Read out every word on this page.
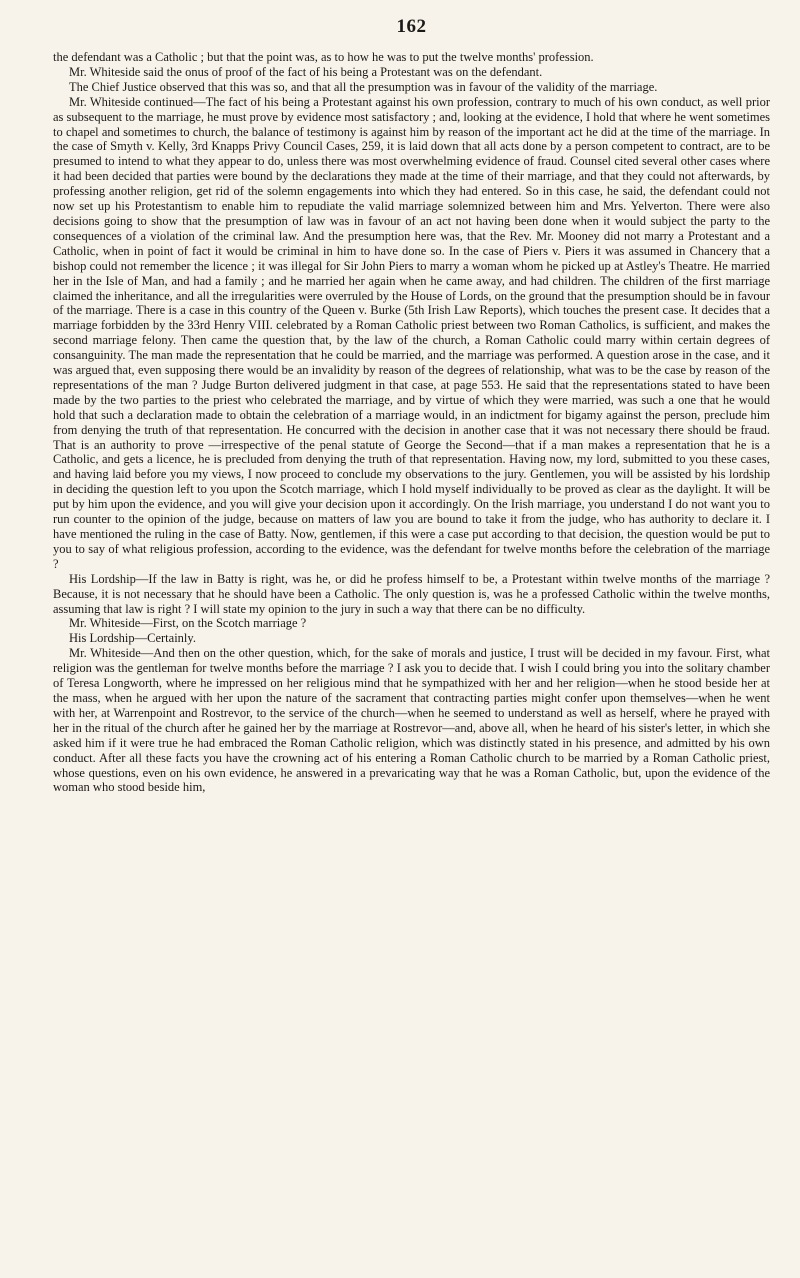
162

the defendant was a Catholic ; but that the point was, as to how he was to put the twelve months' profession.

Mr. Whiteside said the onus of proof of the fact of his being a Protestant was on the defendant.

The Chief Justice observed that this was so, and that all the presumption was in favour of the validity of the marriage.

Mr. Whiteside continued—The fact of his being a Protestant against his own profession, contrary to much of his own conduct, as well prior as subsequent to the marriage, he must prove by evidence most satisfactory ; and, looking at the evidence, I hold that where he went sometimes to chapel and sometimes to church, the balance of testimony is against him by reason of the important act he did at the time of the marriage. In the case of Smyth v. Kelly, 3rd Knapps Privy Council Cases, 259, it is laid down that all acts done by a person competent to contract, are to be presumed to intend to what they appear to do, unless there was most overwhelming evidence of fraud. Counsel cited several other cases where it had been decided that parties were bound by the declarations they made at the time of their marriage, and that they could not afterwards, by professing another religion, get rid of the solemn engagements into which they had entered. So in this case, he said, the defendant could not now set up his Protestantism to enable him to repudiate the valid marriage solemnized between him and Mrs. Yelverton. There were also decisions going to show that the presumption of law was in favour of an act not having been done when it would subject the party to the consequences of a violation of the criminal law. And the presumption here was, that the Rev. Mr. Mooney did not marry a Protestant and a Catholic, when in point of fact it would be criminal in him to have done so. In the case of Piers v. Piers it was assumed in Chancery that a bishop could not remember the licence ; it was illegal for Sir John Piers to marry a woman whom he picked up at Astley's Theatre. He married her in the Isle of Man, and had a family ; and he married her again when he came away, and had children. The children of the first marriage claimed the inheritance, and all the irregularities were overruled by the House of Lords, on the ground that the presumption should be in favour of the marriage. There is a case in this country of the Queen v. Burke (5th Irish Law Reports), which touches the present case. It decides that a marriage forbidden by the 33rd Henry VIII. celebrated by a Roman Catholic priest between two Roman Catholics, is sufficient, and makes the second marriage felony. Then came the question that, by the law of the church, a Roman Catholic could marry within certain degrees of consanguinity. The man made the representation that he could be married, and the marriage was performed. A question arose in the case, and it was argued that, even supposing there would be an invalidity by reason of the degrees of relationship, what was to be the case by reason of the representations of the man ? Judge Burton delivered judgment in that case, at page 553. He said that the representations stated to have been made by the two parties to the priest who celebrated the marriage, and by virtue of which they were married, was such a one that he would hold that such a declaration made to obtain the celebration of a marriage would, in an indictment for bigamy against the person, preclude him from denying the truth of that representation. He concurred with the decision in another case that it was not necessary there should be fraud. That is an authority to prove —irrespective of the penal statute of George the Second—that if a man makes a representation that he is a Catholic, and gets a licence, he is precluded from denying the truth of that representation. Having now, my lord, submitted to you these cases, and having laid before you my views, I now proceed to conclude my observations to the jury. Gentlemen, you will be assisted by his lordship in deciding the question left to you upon the Scotch marriage, which I hold myself individually to be proved as clear as the daylight. It will be put by him upon the evidence, and you will give your decision upon it accordingly. On the Irish marriage, you understand I do not want you to run counter to the opinion of the judge, because on matters of law you are bound to take it from the judge, who has authority to declare it. I have mentioned the ruling in the case of Batty. Now, gentlemen, if this were a case put according to that decision, the question would be put to you to say of what religious profession, according to the evidence, was the defendant for twelve months before the celebration of the marriage ?

His Lordship—If the law in Batty is right, was he, or did he profess himself to be, a Protestant within twelve months of the marriage ? Because, it is not necessary that he should have been a Catholic. The only question is, was he a professed Catholic within the twelve months, assuming that law is right ? I will state my opinion to the jury in such a way that there can be no difficulty.

Mr. Whiteside—First, on the Scotch marriage ?

His Lordship—Certainly.

Mr. Whiteside—And then on the other question, which, for the sake of morals and justice, I trust will be decided in my favour. First, what religion was the gentleman for twelve months before the marriage ? I ask you to decide that. I wish I could bring you into the solitary chamber of Teresa Longworth, where he impressed on her religious mind that he sympathized with her and her religion—when he stood beside her at the mass, when he argued with her upon the nature of the sacrament that contracting parties might confer upon themselves—when he went with her, at Warrenpoint and Rostrevor, to the service of the church—when he seemed to understand as well as herself, where he prayed with her in the ritual of the church after he gained her by the marriage at Rostrevor—and, above all, when he heard of his sister's letter, in which she asked him if it were true he had embraced the Roman Catholic religion, which was distinctly stated in his presence, and admitted by his own conduct. After all these facts you have the crowning act of his entering a Roman Catholic church to be married by a Roman Catholic priest, whose questions, even on his own evidence, he answered in a prevaricating way that he was a Roman Catholic, but, upon the evidence of the woman who stood beside him,
